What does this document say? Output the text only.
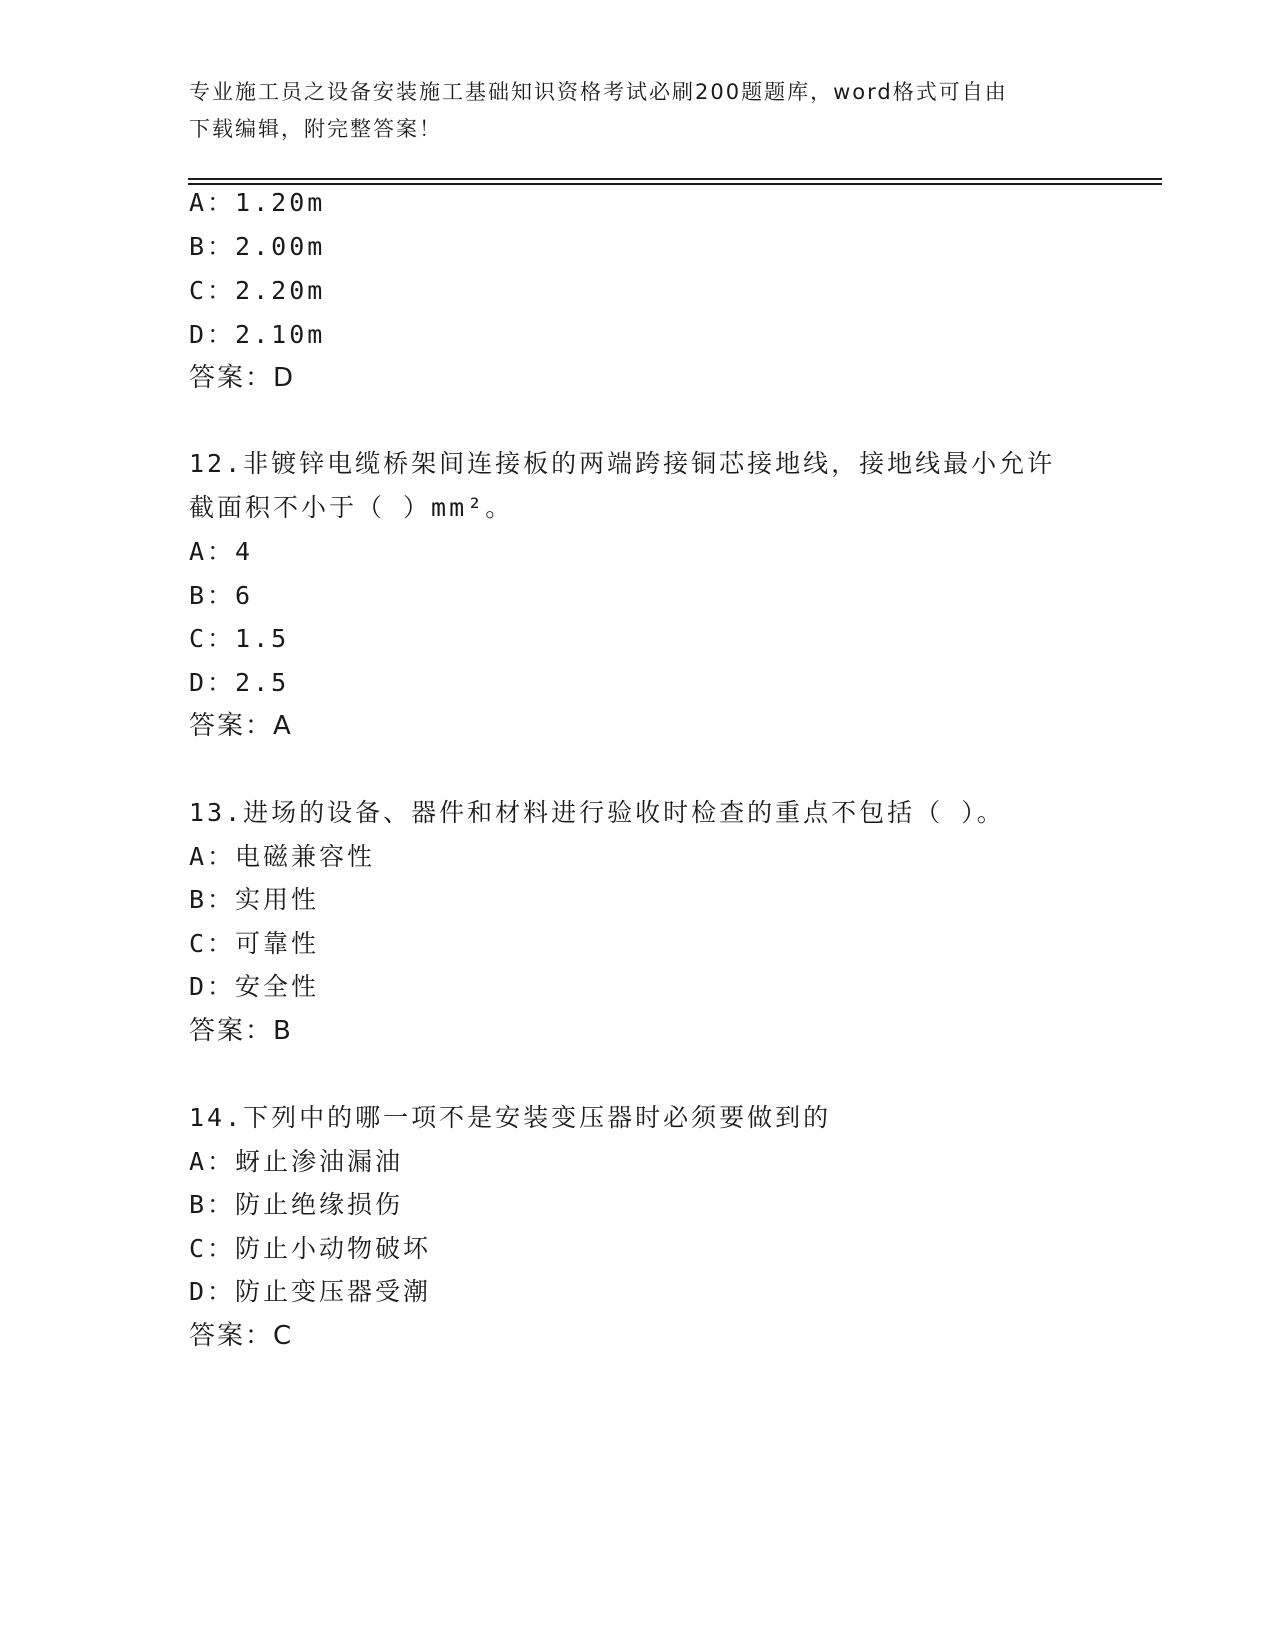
专业施工员之设备安装施工基础知识资格考试必刷200题题库，word格式可自由
下载编辑，附完整答案！
A：1.20m
B：2.00m
C：2.20m
D：2.10m
答案：D
12.非镀锌电缆桥架间连接板的两端跨接铜芯接地线，接地线最小允许
截面积不小于（ ）mm²。
A：4
B：6
C：1.5
D：2.5
答案：A
13.进场的设备、器件和材料进行验收时检查的重点不包括（ ）。
A：电磁兼容性
B：实用性
C：可靠性
D：安全性
答案：B
14.下列中的哪一项不是安装变压器时必须要做到的
A：蚜止渗油漏油
B：防止绝缘损伤
C：防止小动物破坏
D：防止变压器受潮
答案：C
